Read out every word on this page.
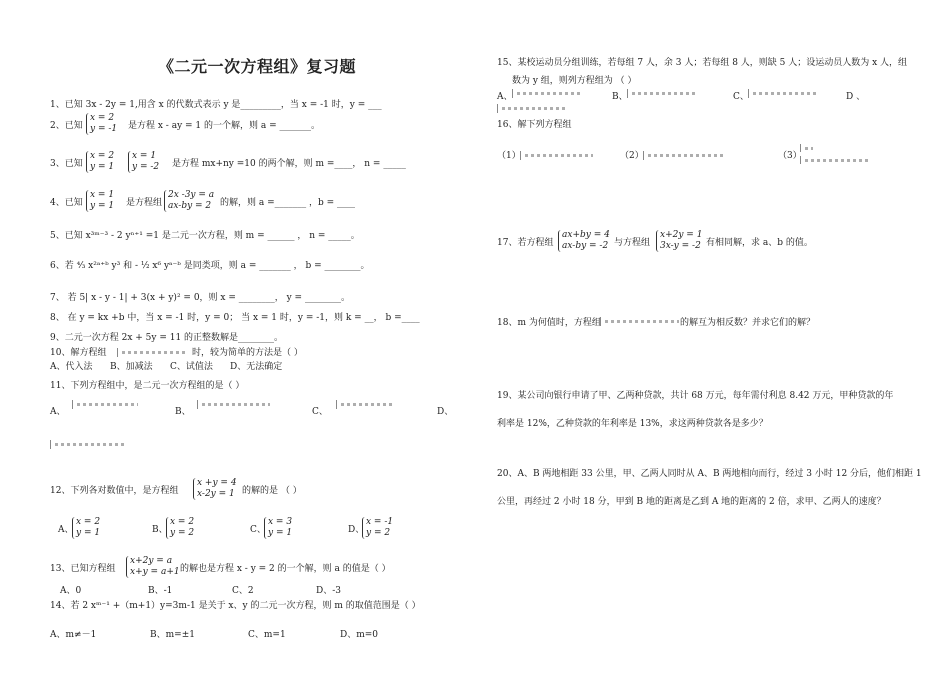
《二元一次方程组》复习题
1、已知 3x - 2y = 1,用含 x 的代数式表示 y 是_________，当 x = -1 时，y = ___
2、已知
x = 2
y = -1 是方程 x - ay = 1 的一个解，则 a = _______。
3、已知
x = 2
y = 1
x = 1
y = -2 是方程 mx+ny =10 的两个解，则 m =____， n = _____
4、已知
x = 1
y = 1 是方程组
2x -3y = a
ax-by = 2 的解，则 a =_______ ，b = ____
5、已知 x³ᵐ⁻³ - 2 yⁿ⁺¹ =1 是二元一次方程，则 m = ______ ， n = _____。
6、若 ⁴⁄₃ x²ᵃ⁺ᵇ y³ 和 - ½ x⁶ yᵃ⁻ᵇ 是同类项，则 a = _______ ， b = ________。
7、 若 5| x - y - 1| + 3(x + y)² = 0，则 x = ________， y = ________。
8、 在 y = kx +b 中，当 x = -1 时，y = 0； 当 x = 1 时，y = -1，则 k = __， b =____
9、二元一次方程 2x + 5y = 11 的正整数解是________。
10、解方程组	时，较为简单的方法是（ ）
A、代入法 B、加减法 C、试值法 D、无法确定
11、下列方程组中，是二元一次方程组的是（ ）
A、	B、	C、	D、
12、下列各对数值中，是方程组
x +y = 4
x-2y = 1 的解的是 （ ）
A、
x = 2
y = 1	B、
x = 2
y = 2	C、
x = 3
y = 1	D、
x = -1
y = 2
13、已知方程组
x+2y = a
x+y = a+1 的解也是方程 x - y = 2 的一个解，则 a 的值是（ ）
A、0	B、-1	C、2	D、-3
14、若 2 xᵐ⁻¹ +（m+1）y=3m-1 是关于 x、y 的二元一次方程，则 m 的取值范围是（ ）
A、m≠－1	B、m=±1	C、m=1	D、m=0
15、某校运动员分组训练，若每组 7 人，余 3 人；若每组 8 人，则缺 5 人；设运动员人数为 x 人，组
数为 y 组，则列方程组为 （ ）
A、	B、	C、	D 、
16、解下列方程组
（1）	（2）	（3）
17、若方程组
ax+by = 4
ax-by = -2 与方程组
x+2y = 1
3x-y = -2 有相同解，求 a、b 的值。
18、m 为何值时，方程组	的解互为相反数？并求它们的解？
19、某公司向银行申请了甲、乙两种贷款，共计 68 万元，每年需付利息 8.42 万元，甲种贷款的年
利率是 12%，乙种贷款的年利率是 13%，求这两种贷款各是多少？
20、A、B 两地相距 33 公里，甲、乙两人同时从 A、B 两地相向而行，经过 3 小时 12 分后，他们相距 1
公里，再经过 2 小时 18 分，甲到 B 地的距离是乙到 A 地的距离的 2 倍，求甲、乙两人的速度？
